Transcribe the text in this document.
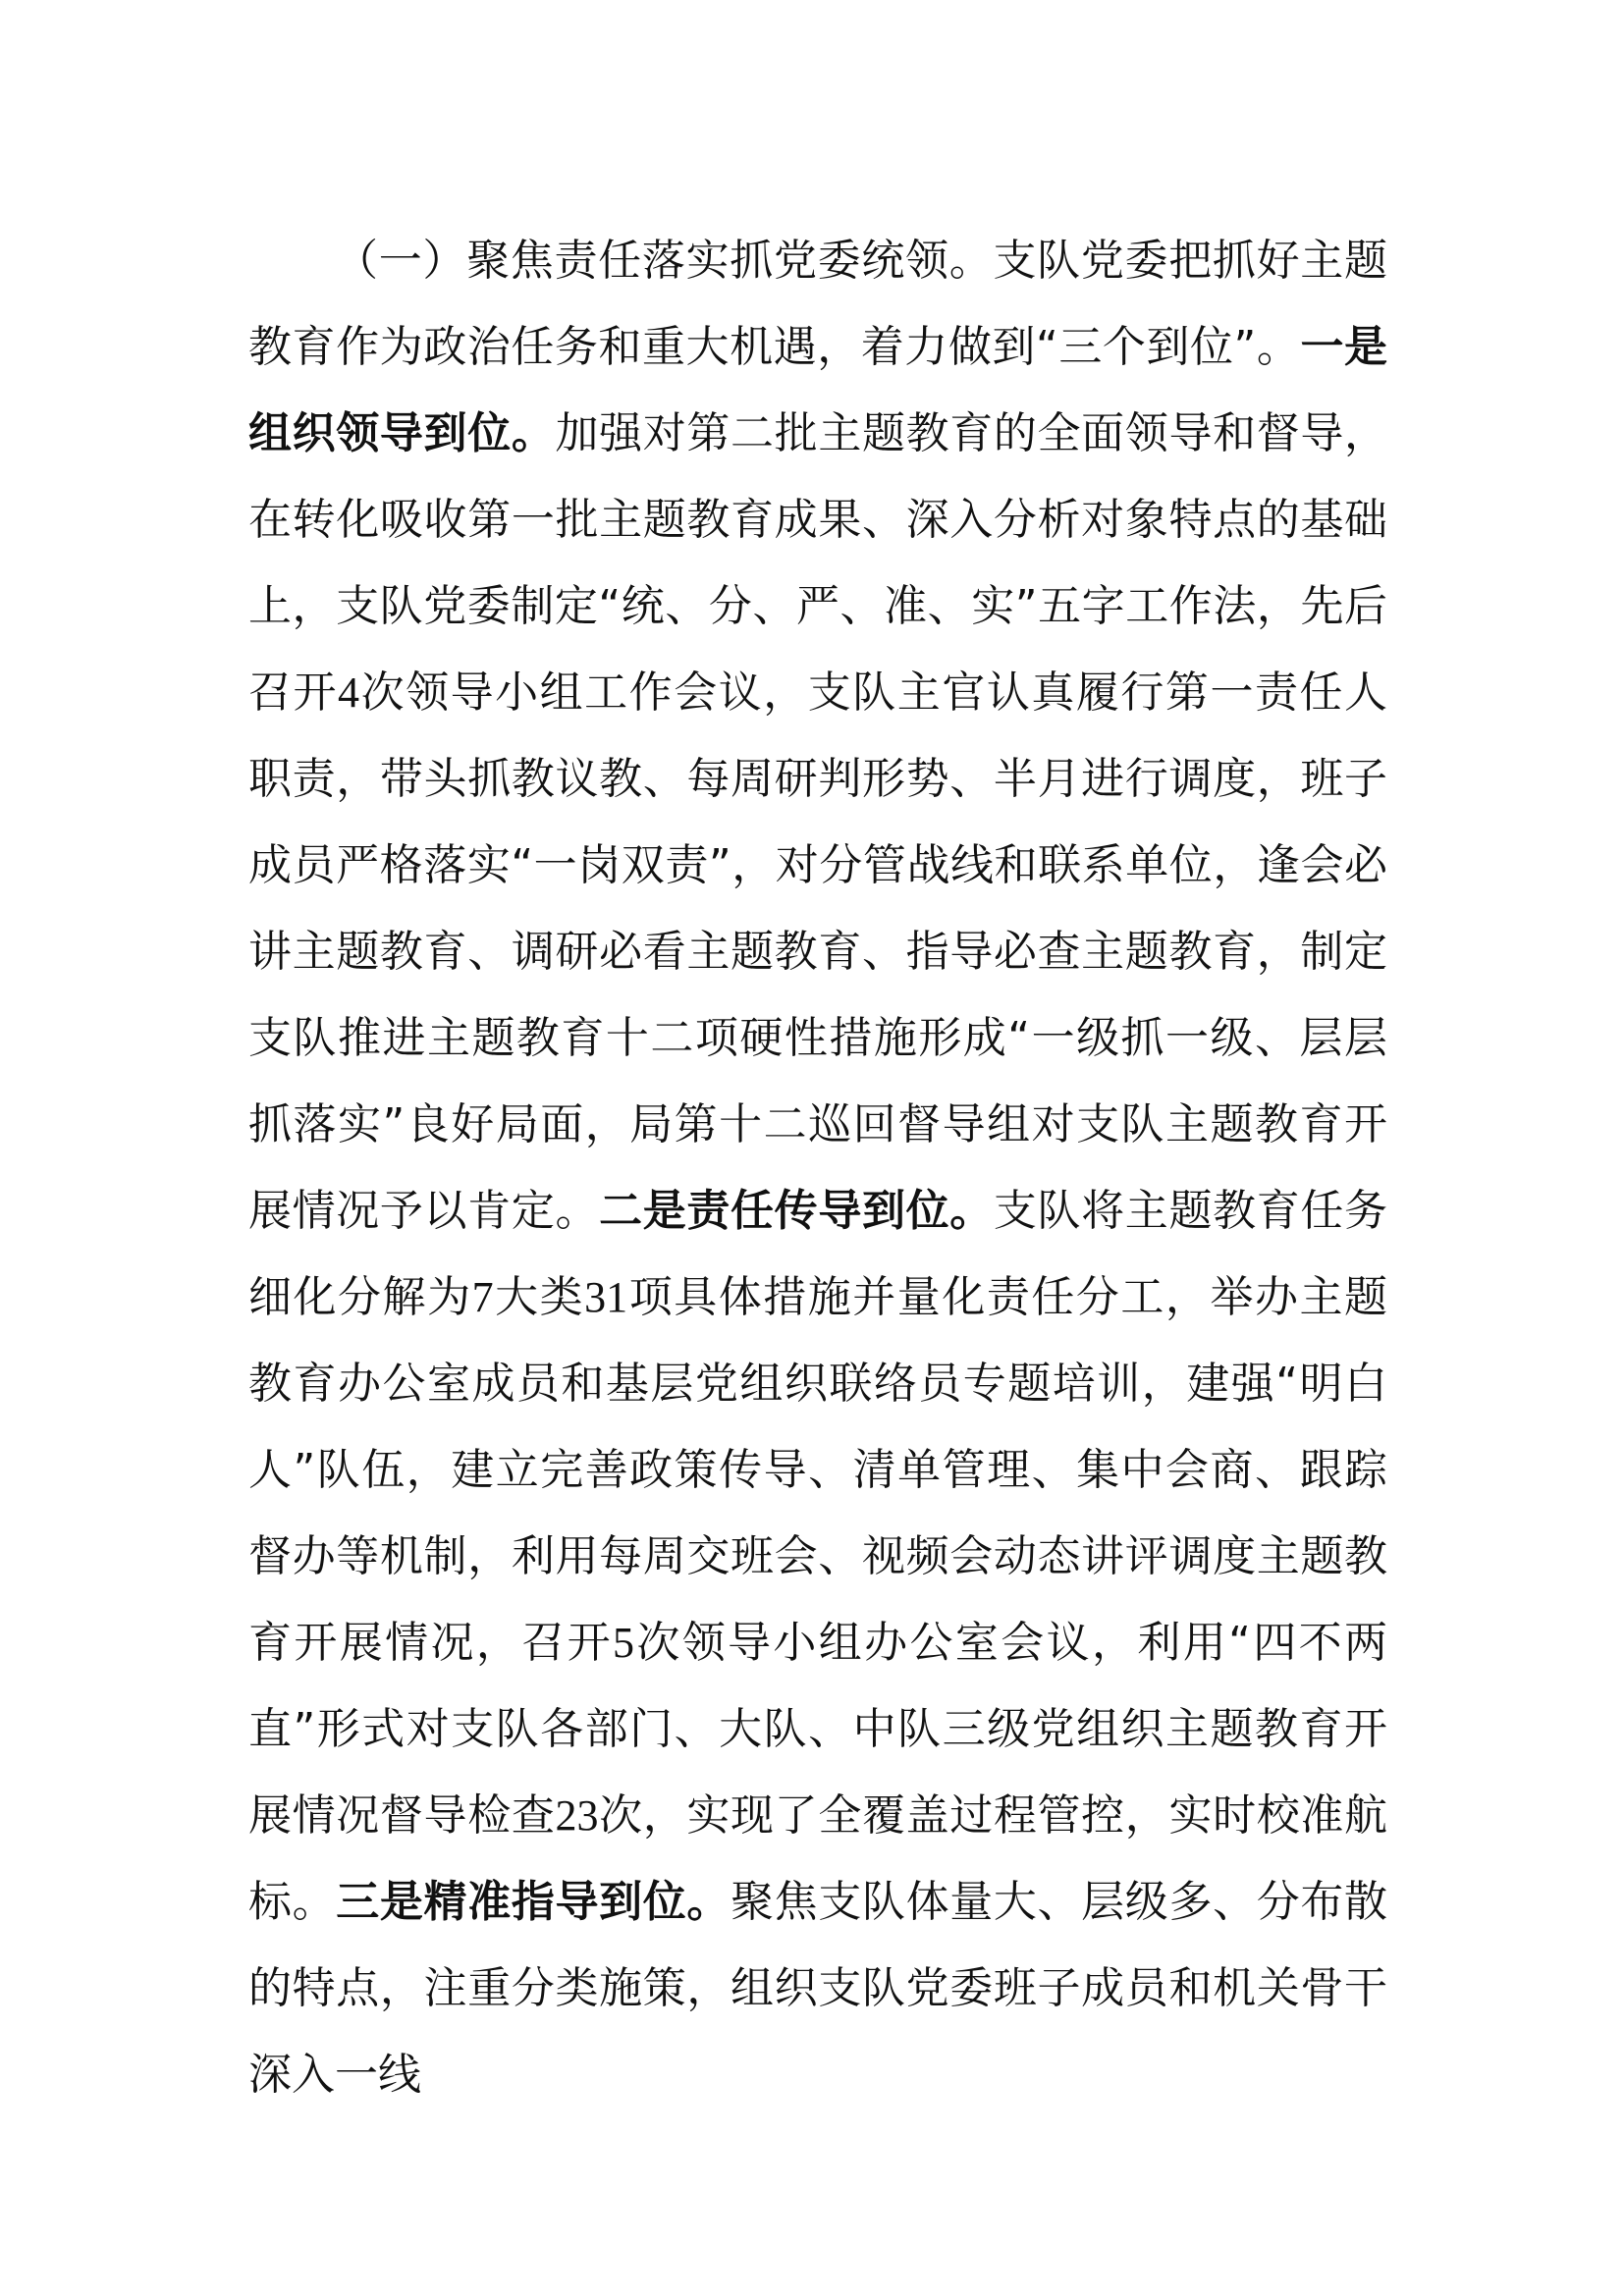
（一）聚焦责任落实抓党委统领。支队党委把抓好主题教育作为政治任务和重大机遇，着力做到“三个到位”。一是组织领导到位。加强对第二批主题教育的全面领导和督导，在转化吸收第一批主题教育成果、深入分析对象特点的基础上，支队党委制定“统、分、严、准、实”五字工作法，先后召开4次领导小组工作会议，支队主官认真履行第一责任人职责，带头抓教议教、每周研判形势、半月进行调度，班子成员严格落实“一岗双责”，对分管战线和联系单位，逢会必讲主题教育、调研必看主题教育、指导必查主题教育，制定支队推进主题教育十二项硬性措施形成“一级抓一级、层层抓落实”良好局面，局第十二巡回督导组对支队主题教育开展情况予以肯定。二是责任传导到位。支队将主题教育任务细化分解为7大类31项具体措施并量化责任分工，举办主题教育办公室成员和基层党组织联络员专题培训，建强“明白人”队伍，建立完善政策传导、清单管理、集中会商、跟踪督办等机制，利用每周交班会、视频会动态讲评调度主题教育开展情况，召开5次领导小组办公室会议，利用“四不两直”形式对支队各部门、大队、中队三级党组织主题教育开展情况督导检查23次，实现了全覆盖过程管控，实时校准航标。三是精准指导到位。聚焦支队体量大、层级多、分布散的特点，注重分类施策，组织支队党委班子成员和机关骨干深入一线
